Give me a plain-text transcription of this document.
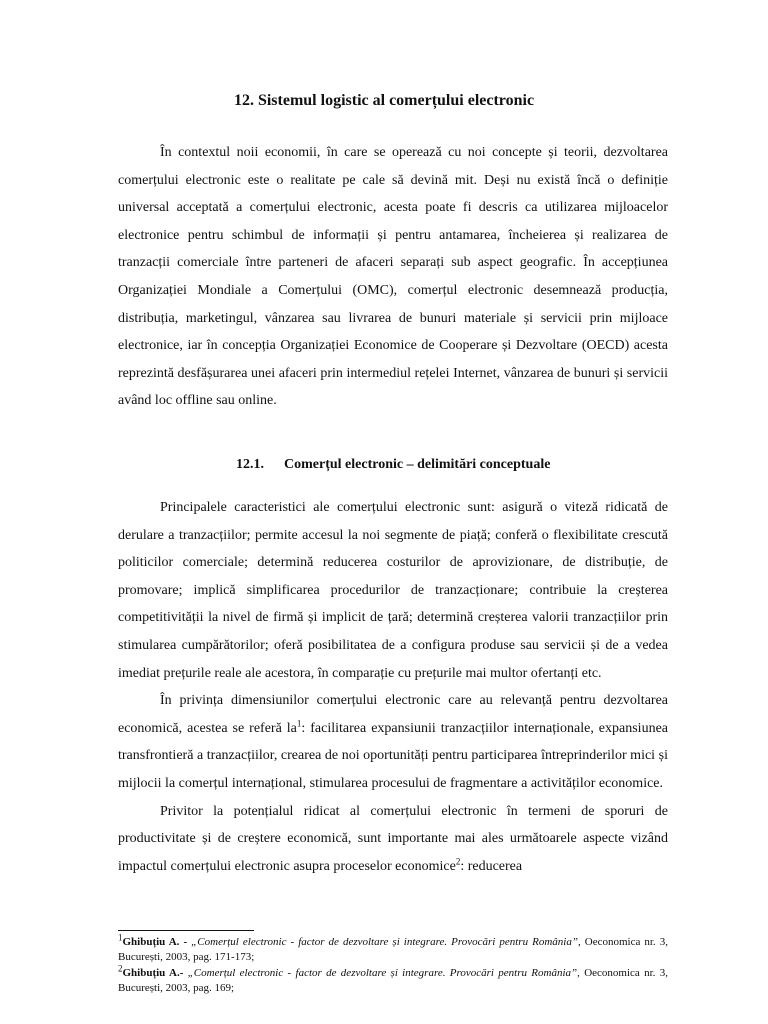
12. Sistemul logistic al comerțului electronic

În contextul noii economii, în care se operează cu noi concepte și teorii, dezvoltarea comerțului electronic este o realitate pe cale să devină mit. Deși nu există încă o definiție universal acceptată a comerțului electronic, acesta poate fi descris ca utilizarea mijloacelor electronice pentru schimbul de informații și pentru antamarea, încheierea și realizarea de tranzacții comerciale între parteneri de afaceri separați sub aspect geografic. În accepțiunea Organizației Mondiale a Comerțului (OMC), comerțul electronic desemnează producția, distribuția, marketingul, vânzarea sau livrarea de bunuri materiale și servicii prin mijloace electronice, iar în concepția Organizației Economice de Cooperare și Dezvoltare (OECD) acesta reprezintă desfășurarea unei afaceri prin intermediul rețelei Internet, vânzarea de bunuri și servicii având loc offline sau online.

12.1. Comerțul electronic – delimitări conceptuale

Principalele caracteristici ale comerțului electronic sunt: asigură o viteză ridicată de derulare a tranzacțiilor; permite accesul la noi segmente de piață; conferă o flexibilitate crescută politicilor comerciale; determină reducerea costurilor de aprovizionare, de distribuție, de promovare; implică simplificarea procedurilor de tranzacționare; contribuie la creșterea competitivității la nivel de firmă și implicit de țară; determină creșterea valorii tranzacțiilor prin stimularea cumpărătorilor; oferă posibilitatea de a configura produse sau servicii și de a vedea imediat prețurile reale ale acestora, în comparație cu prețurile mai multor ofertanți etc.

În privința dimensiunilor comerțului electronic care au relevanță pentru dezvoltarea economică, acestea se referă $la^1$: facilitarea expansiunii tranzacțiilor internaționale, expansiunea transfrontieră a tranzacțiilor, crearea de noi oportunități pentru participarea întreprinderilor mici și mijlocii la comerțul internațional, stimularea procesului de fragmentare a activităților economice.

Privitor la potențialul ridicat al comerțului electronic în termeni de sporuri de productivitate și de creștere economică, sunt importante mai ales următoarele aspecte vizând impactul comerțului electronic asupra proceselor economice$^2$: reducerea

$^1$Ghibuțiu A. - „Comerțul electronic - factor de dezvoltare și integrare. Provocări pentru România”, Oeconomica nr. 3, București, 2003, pag. 171-173;

$^2$Ghibuțiu A.- „Comerțul electronic - factor de dezvoltare și integrare. Provocări pentru România”, Oeconomica nr. 3, București, 2003, pag. 169;
